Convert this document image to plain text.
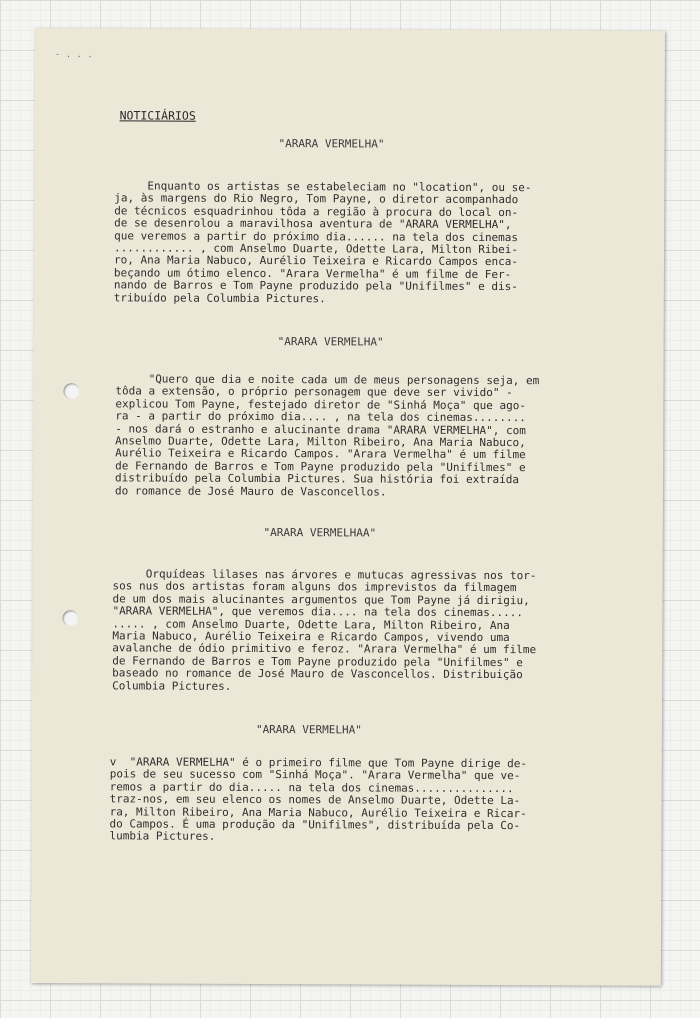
- . . .
NOTICIÁRIOS
"ARARA VERMELHA"
Enquanto os artistas se estabeleciam no "location", ou se-
ja, às margens do Rio Negro, Tom Payne, o diretor acompanhado
de técnicos esquadrinhou tôda a região à procura do local on-
de se desenrolou a maravilhosa aventura de "ARARA VERMELHA",
que veremos a partir do próximo dia...... na tela dos cinemas
............ , com Anselmo Duarte, Odette Lara, Milton Ribei-
ro, Ana Maria Nabuco, Aurélio Teixeira e Ricardo Campos enca-
beçando um ótimo elenco. "Arara Vermelha" é um filme de Fer-
nando de Barros e Tom Payne produzido pela "Unifilmes" e dis-
tribuído pela Columbia Pictures.
"ARARA VERMELHA"
"Quero que dia e noite cada um de meus personagens seja, em
tôda a extensão, o próprio personagem que deve ser vivido" -
explicou Tom Payne, festejado diretor de "Sinhá Moça" que ago-
ra - a partir do próximo dia.... , na tela dos cinemas........
- nos dará o estranho e alucinante drama "ARARA VERMELHA", com
Anselmo Duarte, Odette Lara, Milton Ribeiro, Ana Maria Nabuco,
Aurélio Teixeira e Ricardo Campos. "Arara Vermelha" é um filme
de Fernando de Barros e Tom Payne produzido pela "Unifilmes" e
distribuído pela Columbia Pictures. Sua história foi extraída
do romance de José Mauro de Vasconcellos.
"ARARA VERMELHAA"
Orquídeas lilases nas árvores e mutucas agressivas nos tor-
sos nus dos artistas foram alguns dos imprevistos da filmagem
de um dos mais alucinantes argumentos que Tom Payne já dirigiu,
"ARARA VERMELHA", que veremos dia.... na tela dos cinemas.....
..... , com Anselmo Duarte, Odette Lara, Milton Ribeiro, Ana
Maria Nabuco, Aurélio Teixeira e Ricardo Campos, vivendo uma
avalanche de ódio primitivo e feroz. "Arara Vermelha" é um filme
de Fernando de Barros e Tom Payne produzido pela "Unifilmes" e
baseado no romance de José Mauro de Vasconcellos. Distribuição
Columbia Pictures.
"ARARA VERMELHA"
v  "ARARA VERMELHA" é o primeiro filme que Tom Payne dirige de-
pois de seu sucesso com "Sinhá Moça". "Arara Vermelha" que ve-
remos a partir do dia..... na tela dos cinemas...............
traz-nos, em seu elenco os nomes de Anselmo Duarte, Odette La-
ra, Milton Ribeiro, Ana Maria Nabuco, Aurélio Teixeira e Ricar-
do Campos. É uma produção da "Unifilmes", distribuída pela Co-
lumbia Pictures.
